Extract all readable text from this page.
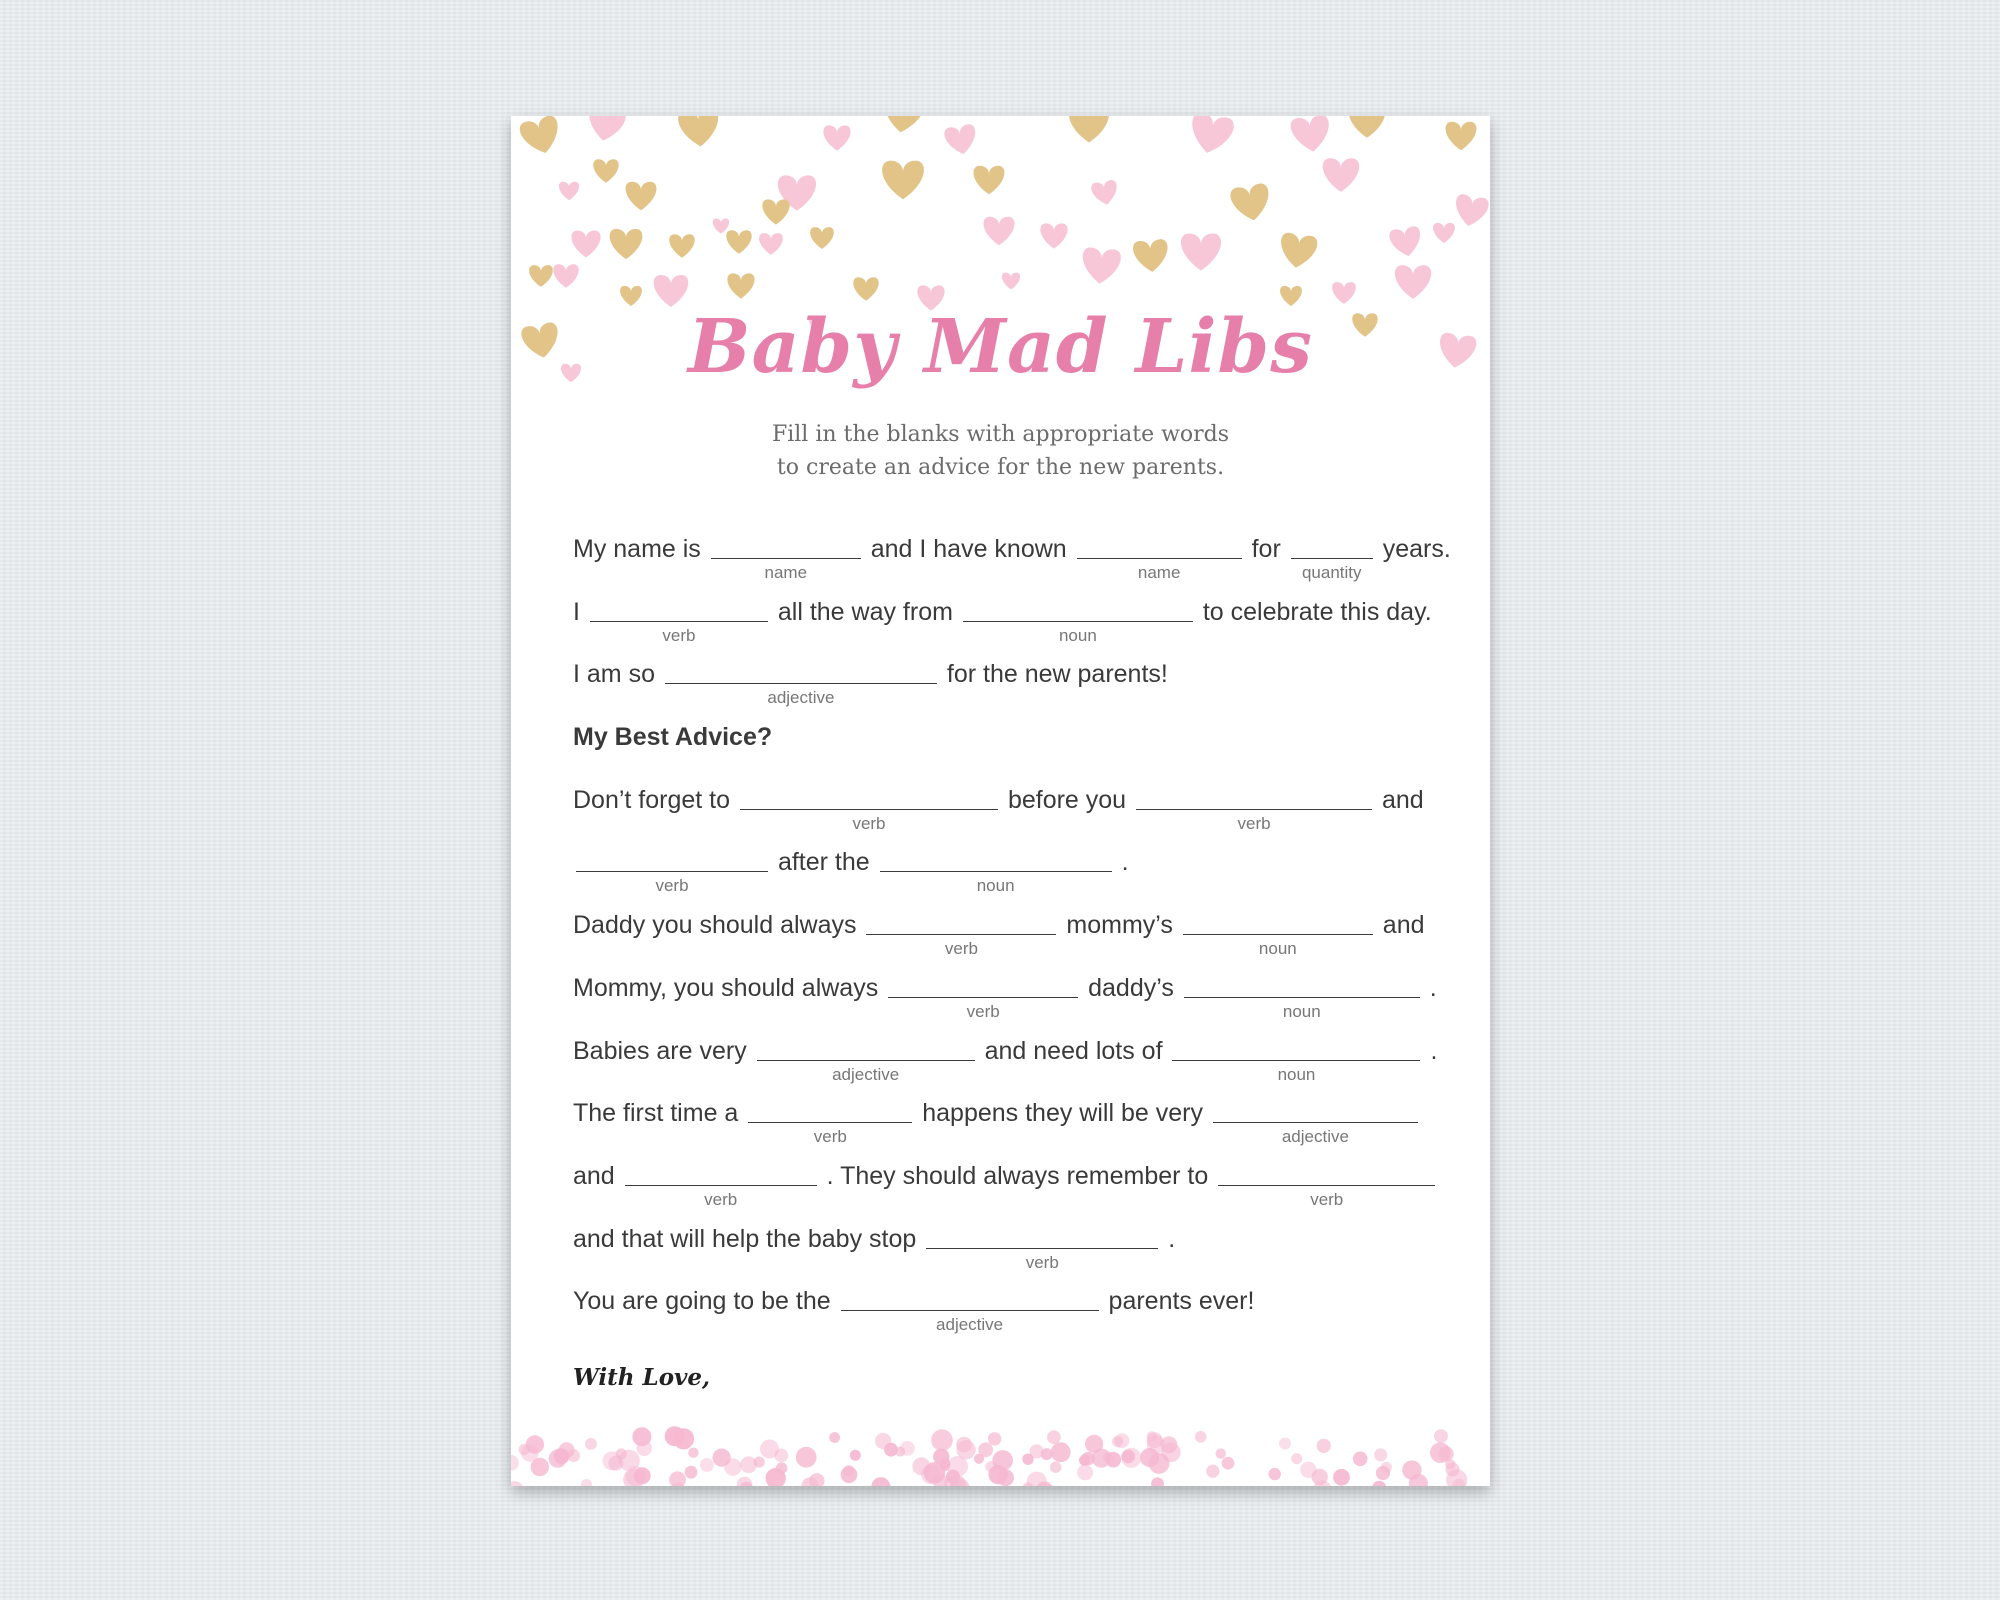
Baby Mad Libs
Fill in the blanks with appropriate words
to create an advice for the new parents.
My name is
name
and I have known
name
for
quantity
years.
I
verb
all the way from
noun
to celebrate this day.
I am so
adjective
for the new parents!
My Best Advice?
Don’t forget to
verb
before you
verb
and
verb
after the
noun
.
Daddy you should always
verb
mommy’s
noun
and
Mommy, you should always
verb
daddy’s
noun
.
Babies are very
adjective
and need lots of
noun
.
The first time a
verb
happens they will be very
adjective
and
verb
. They should always remember to
verb
and that will help the baby stop
verb
.
You are going to be the
adjective
parents ever!
With Love,
